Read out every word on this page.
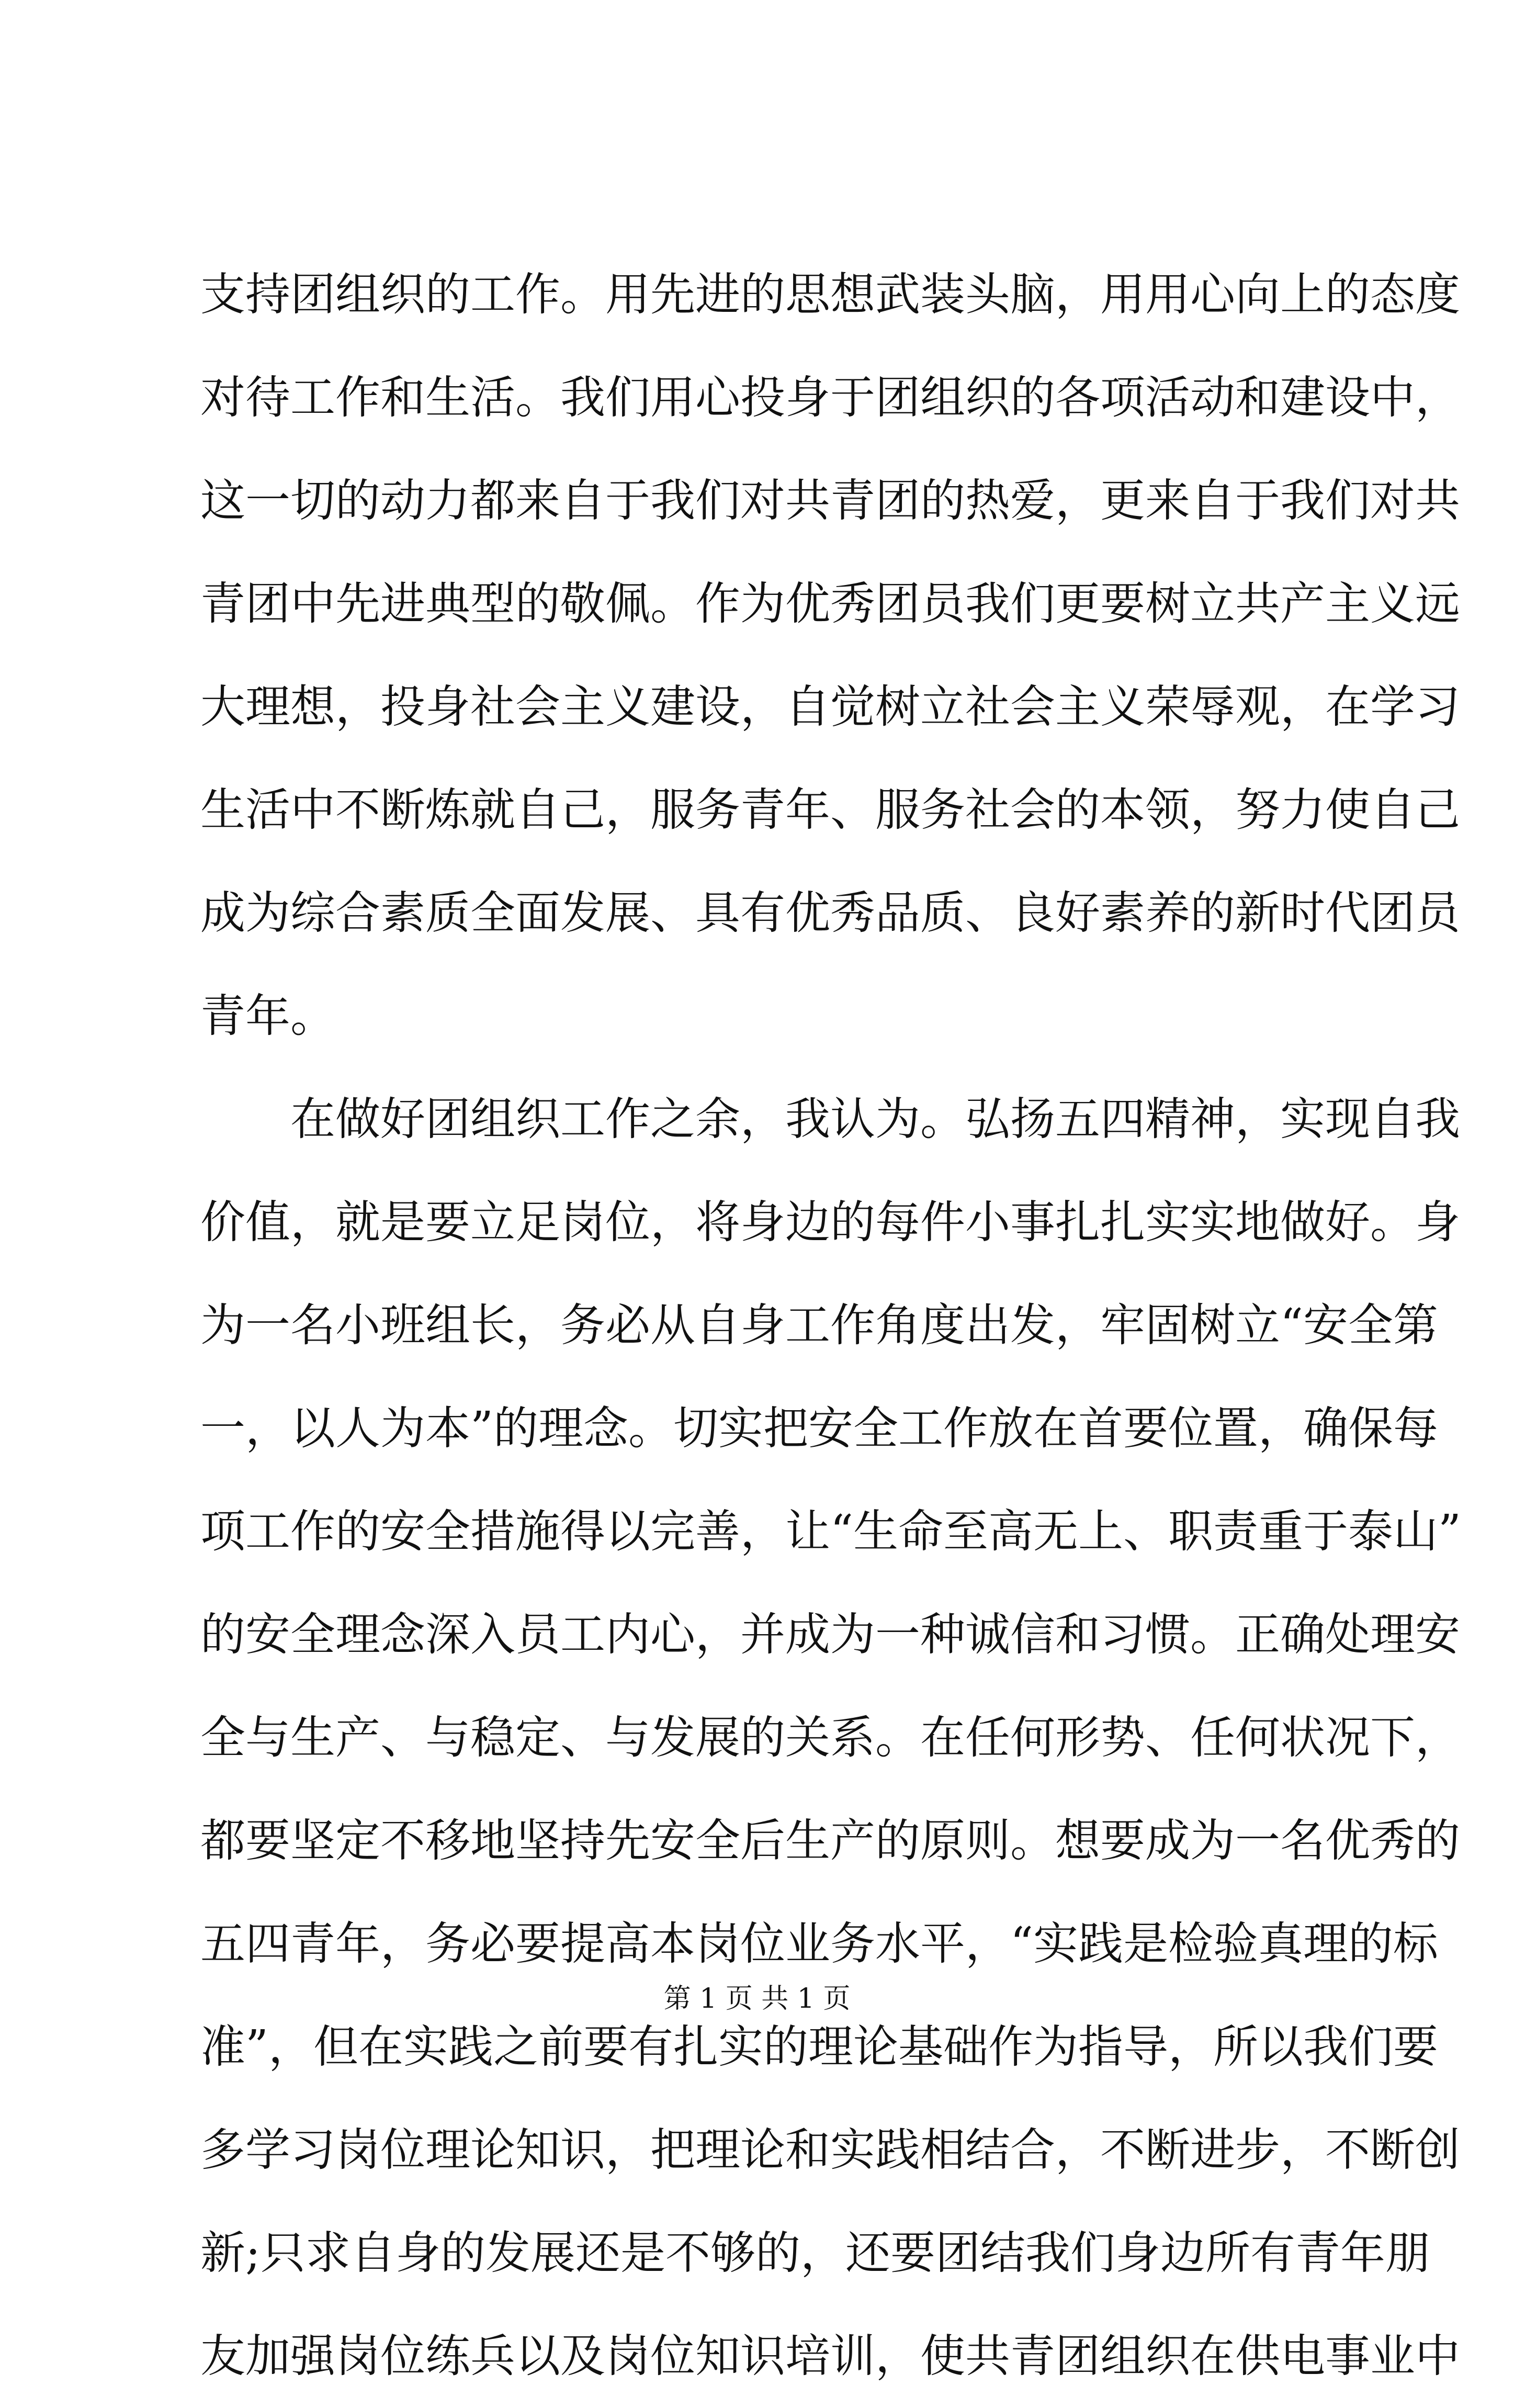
支持团组织的工作。用先进的思想武装头脑，用用心向上的态度
对待工作和生活。我们用心投身于团组织的各项活动和建设中，
这一切的动力都来自于我们对共青团的热爱，更来自于我们对共
青团中先进典型的敬佩。作为优秀团员我们更要树立共产主义远
大理想，投身社会主义建设，自觉树立社会主义荣辱观，在学习
生活中不断炼就自己，服务青年、服务社会的本领，努力使自己
成为综合素质全面发展、具有优秀品质、良好素养的新时代团员
青年。
在做好团组织工作之余，我认为。弘扬五四精神，实现自我
价值，就是要立足岗位，将身边的每件小事扎扎实实地做好。身
为一名小班组长，务必从自身工作角度出发，牢固树立“安全第
一，以人为本”的理念。切实把安全工作放在首要位置，确保每
项工作的安全措施得以完善，让“生命至高无上、职责重于泰山”
的安全理念深入员工内心，并成为一种诚信和习惯。正确处理安
全与生产、与稳定、与发展的关系。在任何形势、任何状况下，
都要坚定不移地坚持先安全后生产的原则。想要成为一名优秀的
五四青年，务必要提高本岗位业务水平，“实践是检验真理的标
准”，但在实践之前要有扎实的理论基础作为指导，所以我们要
多学习岗位理论知识，把理论和实践相结合，不断进步，不断创
新;只求自身的发展还是不够的，还要团结我们身边所有青年朋
友加强岗位练兵以及岗位知识培训，使共青团组织在供电事业中
第 1 页 共 1 页
